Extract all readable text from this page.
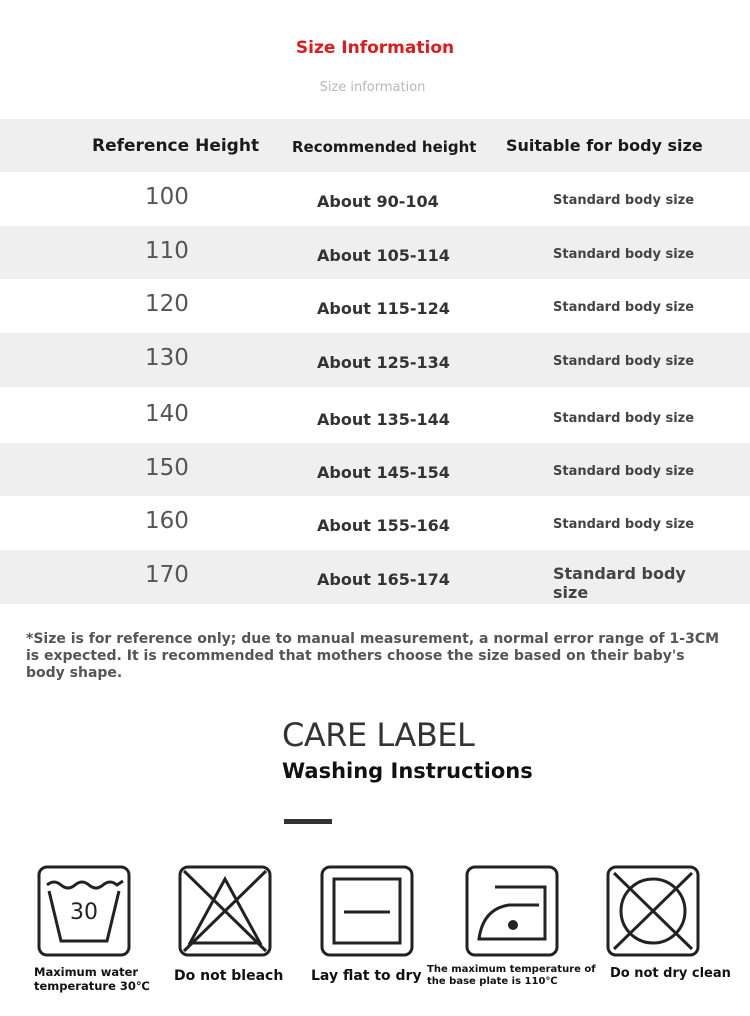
Size Information
Size information
Reference Height Recommended height Suitable for body size
100	About 90-104	Standard body size
110	About 105-114	Standard body size
120	About 115-124	Standard body size
130	About 125-134	Standard body size
140	About 135-144	Standard body size
150	About 145-154	Standard body size
160	About 155-164	Standard body size
170	About 165-174	Standard body size
*Size is for reference only; due to manual measurement, a normal error range of 1-3CM is expected. It is recommended that mothers choose the size based on their baby's body shape.
CARE LABEL
Washing Instructions
30
Maximum water temperature 30℃
Do not bleach Lay flat to dry The maximum temperature of the base plate is 110℃
Do not dry clean
